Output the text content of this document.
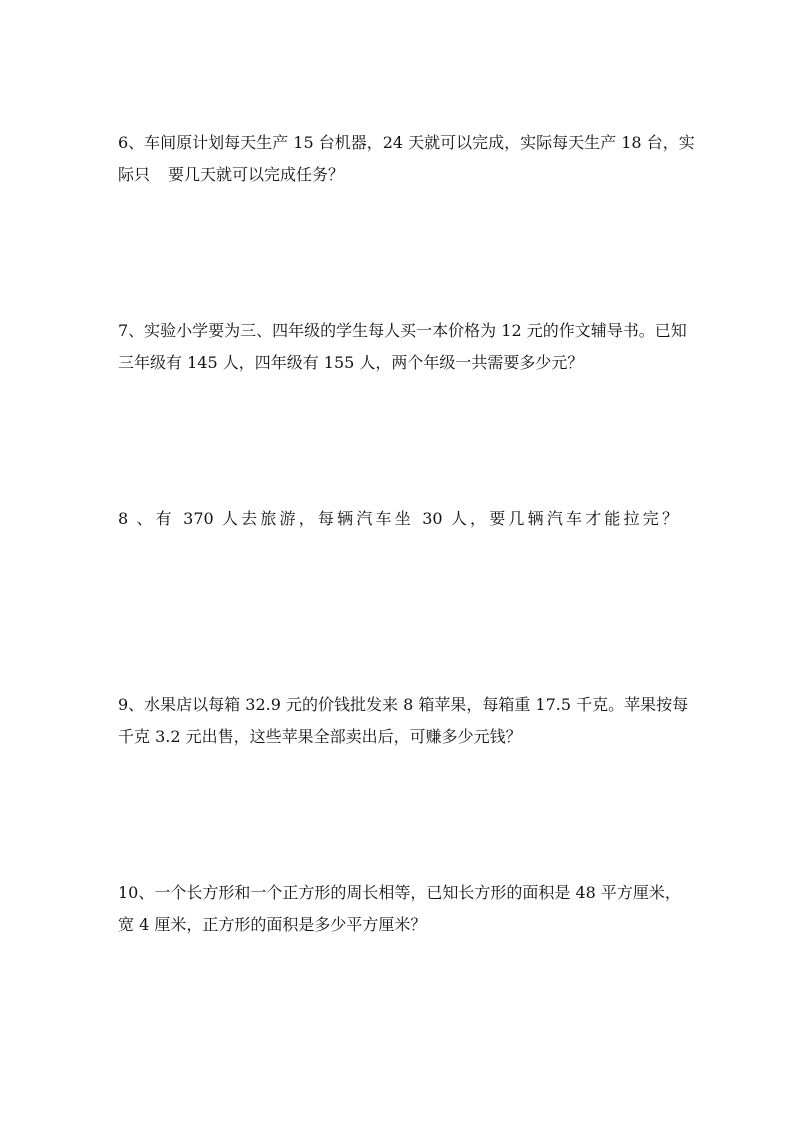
6、车间原计划每天生产 15 台机器，24 天就可以完成，实际每天生产 18 台，实
际只 要几天就可以完成任务？
7、实验小学要为三、四年级的学生每人买一本价格为 12 元的作文辅导书。已知
三年级有 145 人，四年级有 155 人，两个年级一共需要多少元？
8 、有 370 人去旅游，每辆汽车坐 30 人，要几辆汽车才能拉完？
9、水果店以每箱 32.9 元的价钱批发来 8 箱苹果，每箱重 17.5 千克。苹果按每
千克 3.2 元出售，这些苹果全部卖出后，可赚多少元钱？
10、一个长方形和一个正方形的周长相等，已知长方形的面积是 48 平方厘米，
宽 4 厘米，正方形的面积是多少平方厘米？
